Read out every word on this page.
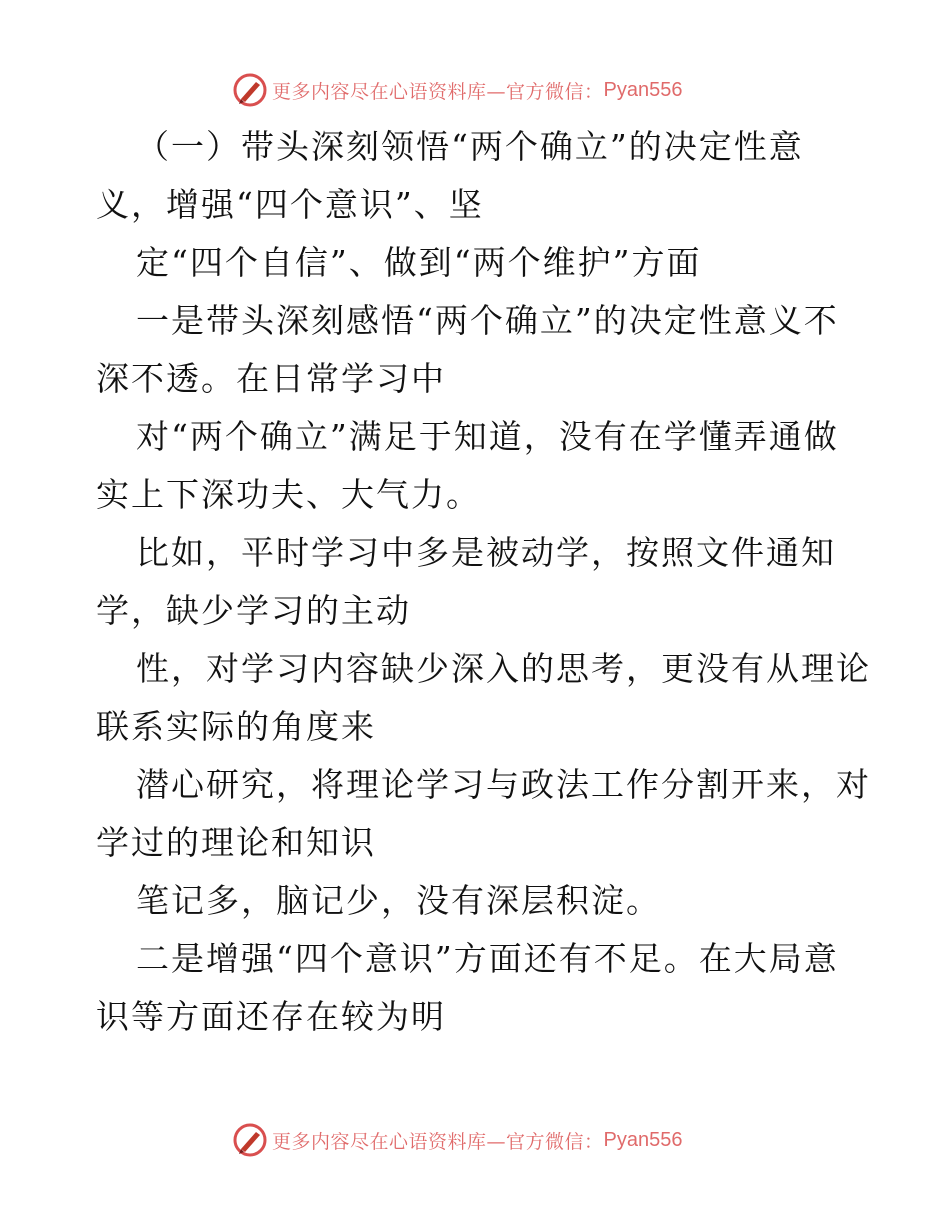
更多内容尽在心语资料库—官方微信： Pyan556
（一）带头深刻领悟“两个确立”的决定性意
义，增强“四个意识”、坚
定“四个自信”、做到“两个维护”方面
一是带头深刻感悟“两个确立”的决定性意义不
深不透。在日常学习中
对“两个确立”满足于知道，没有在学懂弄通做
实上下深功夫、大气力。
比如，平时学习中多是被动学，按照文件通知
学，缺少学习的主动
性，对学习内容缺少深入的思考，更没有从理论
联系实际的角度来
潜心研究，将理论学习与政法工作分割开来，对
学过的理论和知识
笔记多，脑记少，没有深层积淀。
二是增强“四个意识”方面还有不足。在大局意
识等方面还存在较为明
更多内容尽在心语资料库—官方微信： Pyan556
